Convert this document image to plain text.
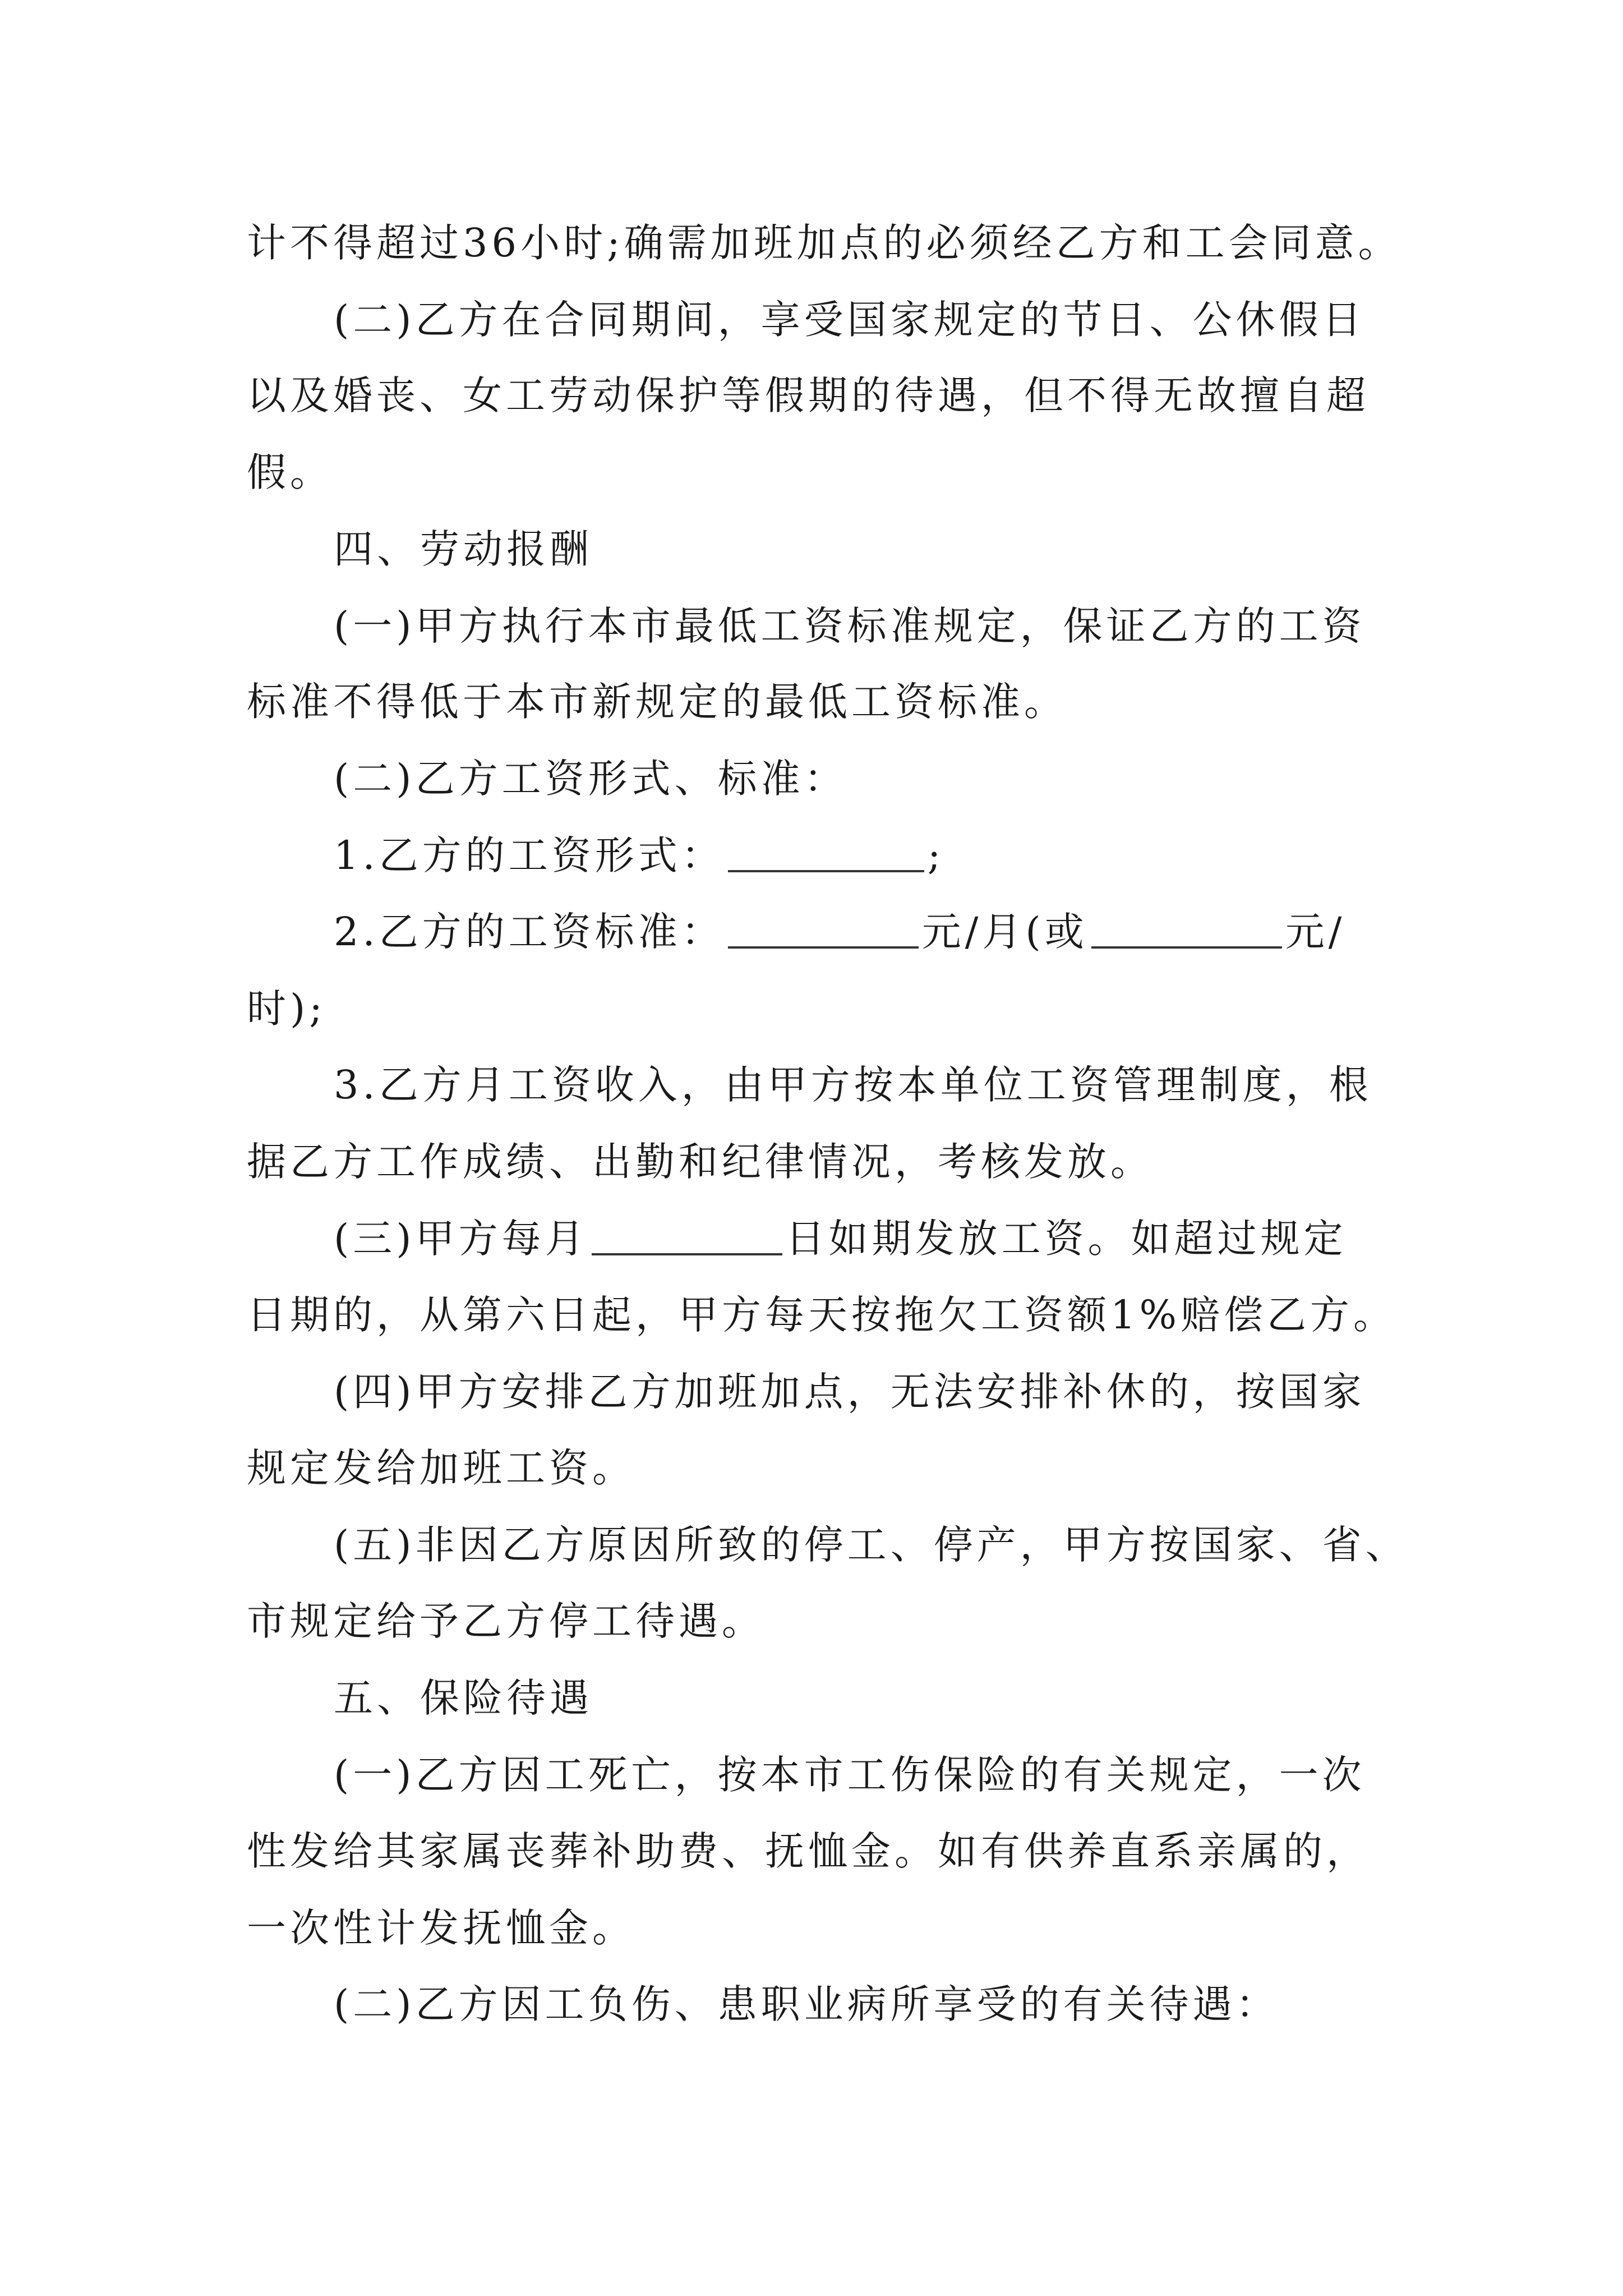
计不得超过36小时;确需加班加点的必须经乙方和工会同意。
(二)乙方在合同期间，享受国家规定的节日、公休假日
以及婚丧、女工劳动保护等假期的待遇，但不得无故擅自超
假。
四、劳动报酬
(一)甲方执行本市最低工资标准规定，保证乙方的工资
标准不得低于本市新规定的最低工资标准。
(二)乙方工资形式、标准：
1.乙方的工资形式：	;
2.乙方的工资标准：	元/月(或	元/
时);
3.乙方月工资收入，由甲方按本单位工资管理制度，根
据乙方工作成绩、出勤和纪律情况，考核发放。
(三)甲方每月	日如期发放工资。如超过规定
日期的，从第六日起，甲方每天按拖欠工资额1%赔偿乙方。
(四)甲方安排乙方加班加点，无法安排补休的，按国家
规定发给加班工资。
(五)非因乙方原因所致的停工、停产，甲方按国家、省、
市规定给予乙方停工待遇。
五、保险待遇
(一)乙方因工死亡，按本市工伤保险的有关规定，一次
性发给其家属丧葬补助费、抚恤金。如有供养直系亲属的，
一次性计发抚恤金。
(二)乙方因工负伤、患职业病所享受的有关待遇：
